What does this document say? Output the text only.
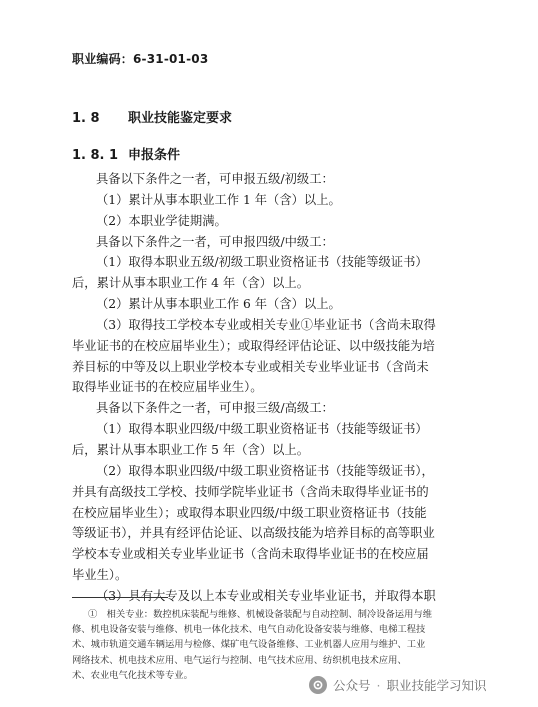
职业编码：6-31-01-03
1. 8 职业技能鉴定要求
1. 8. 1 申报条件
具备以下条件之一者，可申报五级/初级工：
（1）累计从事本职业工作 1 年（含）以上。
（2）本职业学徒期满。
具备以下条件之一者，可申报四级/中级工：
（1）取得本职业五级/初级工职业资格证书（技能等级证书）
后，累计从事本职业工作 4 年（含）以上。
（2）累计从事本职业工作 6 年（含）以上。
（3）取得技工学校本专业或相关专业①毕业证书（含尚未取得
毕业证书的在校应届毕业生）；或取得经评估论证、以中级技能为培
养目标的中等及以上职业学校本专业或相关专业毕业证书（含尚未
取得毕业证书的在校应届毕业生）。
具备以下条件之一者，可申报三级/高级工：
（1）取得本职业四级/中级工职业资格证书（技能等级证书）
后，累计从事本职业工作 5 年（含）以上。
（2）取得本职业四级/中级工职业资格证书（技能等级证书），
并具有高级技工学校、技师学院毕业证书（含尚未取得毕业证书的
在校应届毕业生）；或取得本职业四级/中级工职业资格证书（技能
等级证书），并具有经评估论证、以高级技能为培养目标的高等职业
学校本专业或相关专业毕业证书（含尚未取得毕业证书的在校应届
毕业生）。
（3）具有大专及以上本专业或相关专业毕业证书，并取得本职
①　相关专业：数控机床装配与维修、机械设备装配与自动控制、制冷设备运用与维
修、机电设备安装与维修、机电一体化技术、电气自动化设备安装与维修、电梯工程技
术、城市轨道交通车辆运用与检修、煤矿电气设备维修、工业机器人应用与维护、工业
网络技术、机电技术应用、电气运行与控制、电气技术应用、纺织机电技术应用、
术、农业电气化技术等专业。
公众号 · 职业技能学习知识
